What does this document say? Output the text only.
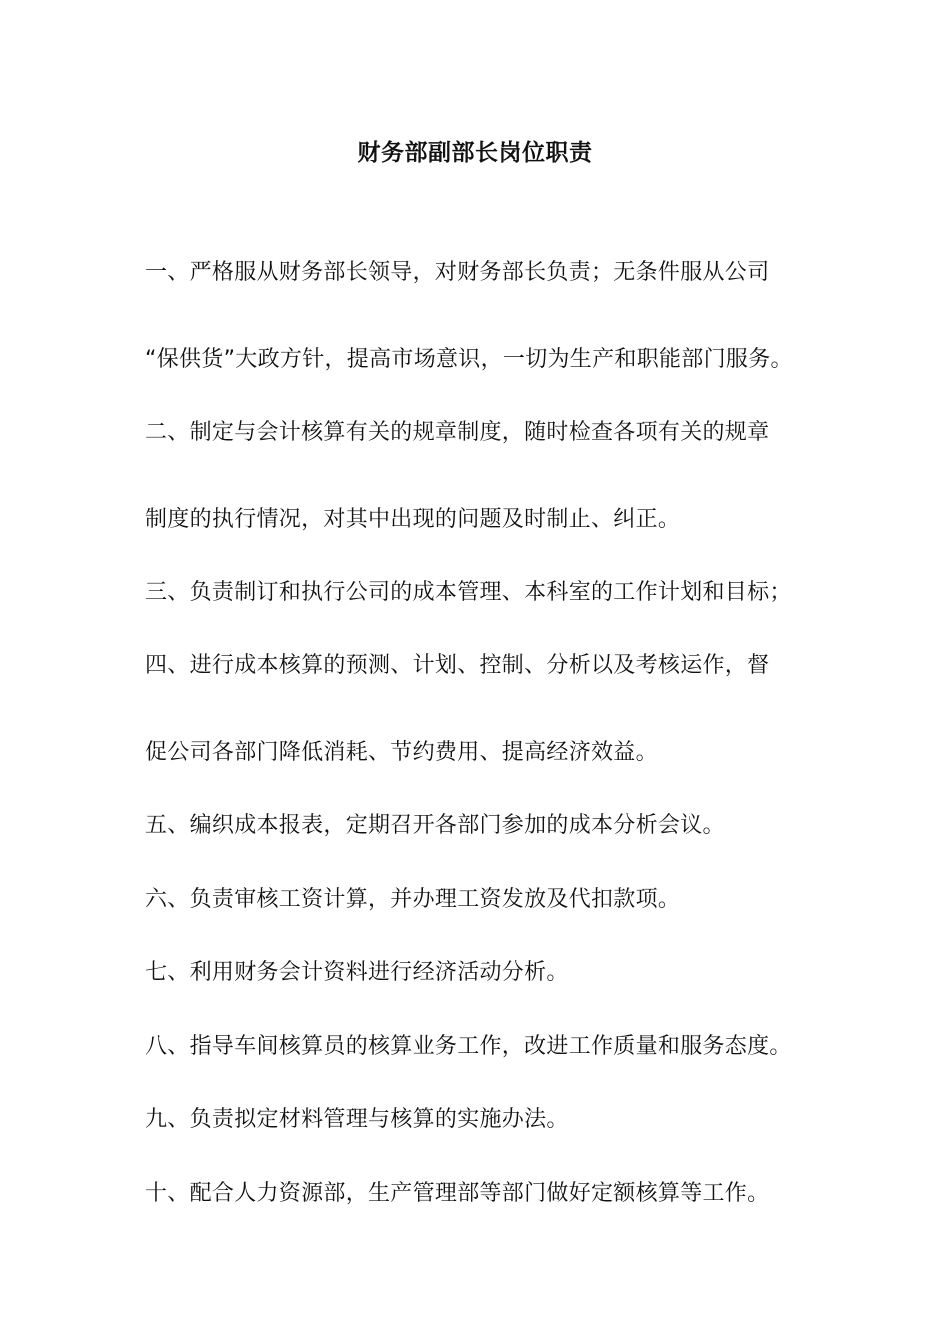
财务部副部长岗位职责
一、严格服从财务部长领导，对财务部长负责；无条件服从公司
“保供货”大政方针，提高市场意识，一切为生产和职能部门服务。
二、制定与会计核算有关的规章制度，随时检查各项有关的规章
制度的执行情况，对其中出现的问题及时制止、纠正。
三、负责制订和执行公司的成本管理、本科室的工作计划和目标；
四、进行成本核算的预测、计划、控制、分析以及考核运作，督
促公司各部门降低消耗、节约费用、提高经济效益。
五、编织成本报表，定期召开各部门参加的成本分析会议。
六、负责审核工资计算，并办理工资发放及代扣款项。
七、利用财务会计资料进行经济活动分析。
八、指导车间核算员的核算业务工作，改进工作质量和服务态度。
九、负责拟定材料管理与核算的实施办法。
十、配合人力资源部，生产管理部等部门做好定额核算等工作。
